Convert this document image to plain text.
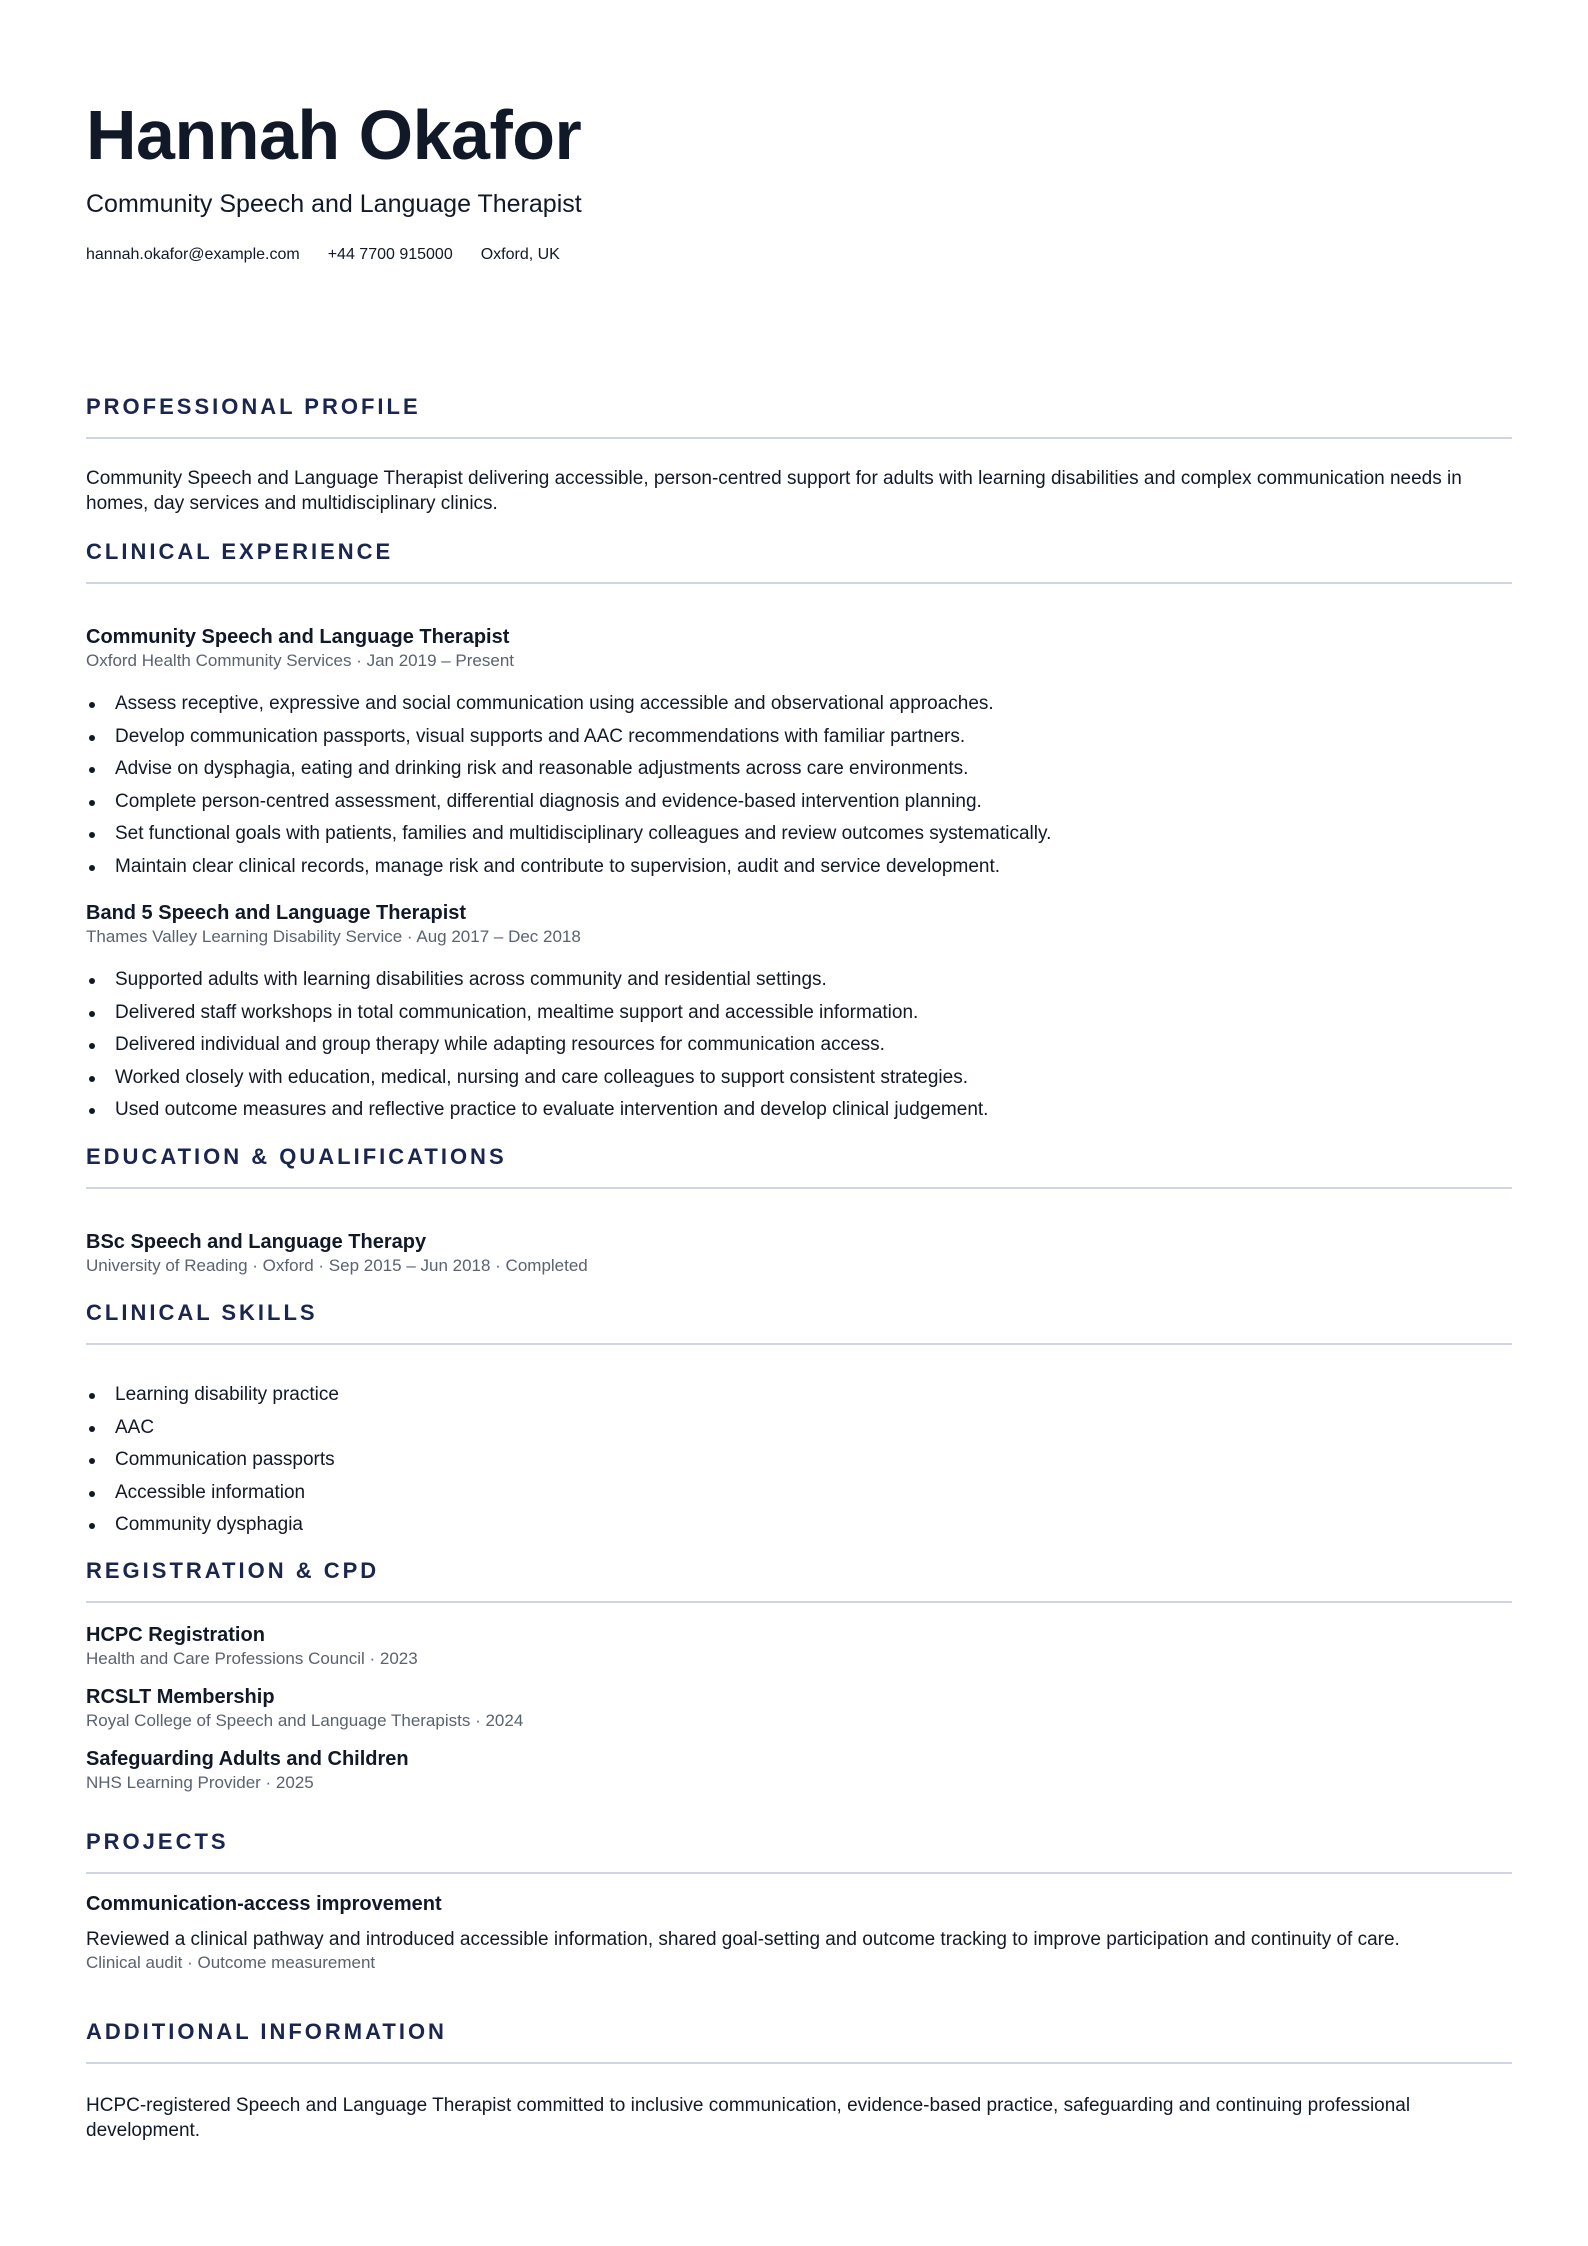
Hannah Okafor
Community Speech and Language Therapist
hannah.okafor@example.com +44 7700 915000 Oxford, UK
PROFESSIONAL PROFILE
Community Speech and Language Therapist delivering accessible, person-centred support for adults with learning disabilities and complex communication needs in homes, day services and multidisciplinary clinics.
CLINICAL EXPERIENCE
Community Speech and Language Therapist
Oxford Health Community Services · Jan 2019 – Present
Assess receptive, expressive and social communication using accessible and observational approaches.
Develop communication passports, visual supports and AAC recommendations with familiar partners.
Advise on dysphagia, eating and drinking risk and reasonable adjustments across care environments.
Complete person-centred assessment, differential diagnosis and evidence-based intervention planning.
Set functional goals with patients, families and multidisciplinary colleagues and review outcomes systematically.
Maintain clear clinical records, manage risk and contribute to supervision, audit and service development.
Band 5 Speech and Language Therapist
Thames Valley Learning Disability Service · Aug 2017 – Dec 2018
Supported adults with learning disabilities across community and residential settings.
Delivered staff workshops in total communication, mealtime support and accessible information.
Delivered individual and group therapy while adapting resources for communication access.
Worked closely with education, medical, nursing and care colleagues to support consistent strategies.
Used outcome measures and reflective practice to evaluate intervention and develop clinical judgement.
EDUCATION & QUALIFICATIONS
BSc Speech and Language Therapy
University of Reading · Oxford · Sep 2015 – Jun 2018 · Completed
CLINICAL SKILLS
Learning disability practice
AAC
Communication passports
Accessible information
Community dysphagia
REGISTRATION & CPD
HCPC Registration
Health and Care Professions Council · 2023
RCSLT Membership
Royal College of Speech and Language Therapists · 2024
Safeguarding Adults and Children
NHS Learning Provider · 2025
PROJECTS
Communication-access improvement
Reviewed a clinical pathway and introduced accessible information, shared goal-setting and outcome tracking to improve participation and continuity of care.
Clinical audit · Outcome measurement
ADDITIONAL INFORMATION
HCPC-registered Speech and Language Therapist committed to inclusive communication, evidence-based practice, safeguarding and continuing professional development.
